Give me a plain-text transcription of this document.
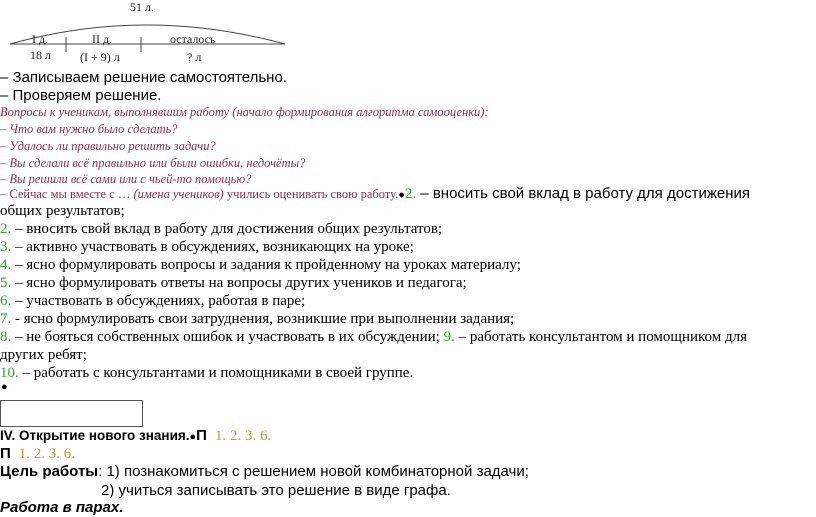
51 л.
I д.	II д.	осталось
18 л (I + 9) л	? л
– Записываем решение самостоятельно.
– Проверяем решение.
Вопросы к ученикам, выполнявшим работу (начало формирования алгоритма самооценки):
– Что вам нужно было сделать?
– Удалось ли правильно решить задачи?
– Вы сделали всё правильно или были ошибки, недочёты?
– Вы решили всё сами или с чьей-то помощью?
– Сейчас мы вместе с … (имена учеников) учились оценивать свою работу.●2. – вносить свой вклад в работу для достижения
общих результатов;
2. – вносить свой вклад в работу для достижения общих результатов;
3. – активно участвовать в обсуждениях, возникающих на уроке;
4. – ясно формулировать вопросы и задания к пройденному на уроках материалу;
5. – ясно формулировать ответы на вопросы других учеников и педагога;
6. – участвовать в обсуждениях, работая в паре;
7. - ясно формулировать свои затруднения, возникшие при выполнении задания;
8. – не бояться собственных ошибок и участвовать в их обсуждении; 9. – работать консультантом и помощником для
других ребят;
10. – работать с консультантами и помощниками в своей группе.
●
IV. Открытие нового знания.●П 1. 2. 3. 6.
П 1. 2. 3. 6.
Цель работы: 1) познакомиться с решением новой комбинаторной задачи;
2) учиться записывать это решение в виде графа.
Работа в парах.
